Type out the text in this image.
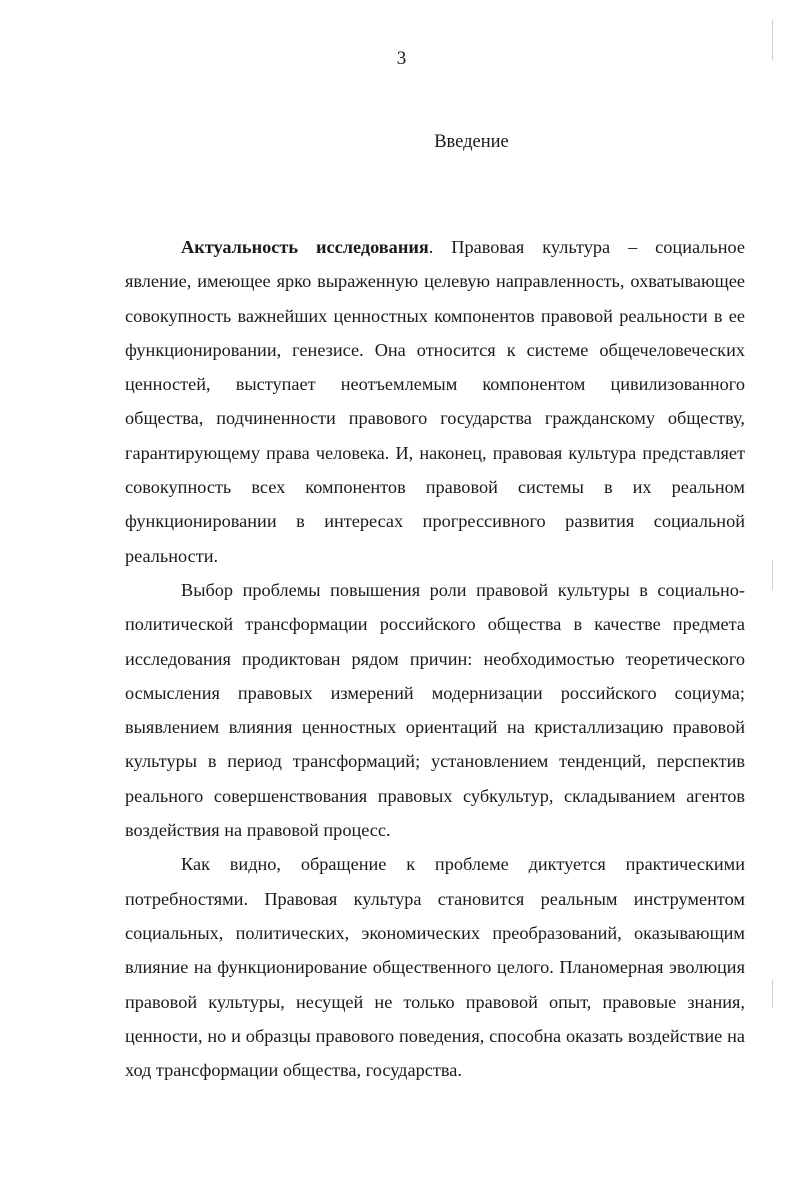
3
Введение

Актуальность исследования. Правовая культура – социальное явление, имеющее ярко выраженную целевую направленность, охватывающее совокупность важнейших ценностных компонентов правовой реальности в ее функционировании, генезисе. Она относится к системе общечеловеческих ценностей, выступает неотъемлемым компонентом цивилизованного общества, подчиненности правового государства гражданскому обществу, гарантирующему права человека. И, наконец, правовая культура представляет совокупность всех компонентов правовой системы в их реальном функционировании в интересах прогрессивного развития социальной реальности.

Выбор проблемы повышения роли правовой культуры в социально-политической трансформации российского общества в качестве предмета исследования продиктован рядом причин: необходимостью теоретического осмысления правовых измерений модернизации российского социума; выявлением влияния ценностных ориентаций на кристаллизацию правовой культуры в период трансформаций; установлением тенденций, перспектив реального совершенствования правовых субкультур, складыванием агентов воздействия на правовой процесс.

Как видно, обращение к проблеме диктуется практическими потребностями. Правовая культура становится реальным инструментом социальных, политических, экономических преобразований, оказывающим влияние на функционирование общественного целого. Планомерная эволюция правовой культуры, несущей не только правовой опыт, правовые знания, ценности, но и образцы правового поведения, способна оказать воздействие на ход трансформации общества, государства.
